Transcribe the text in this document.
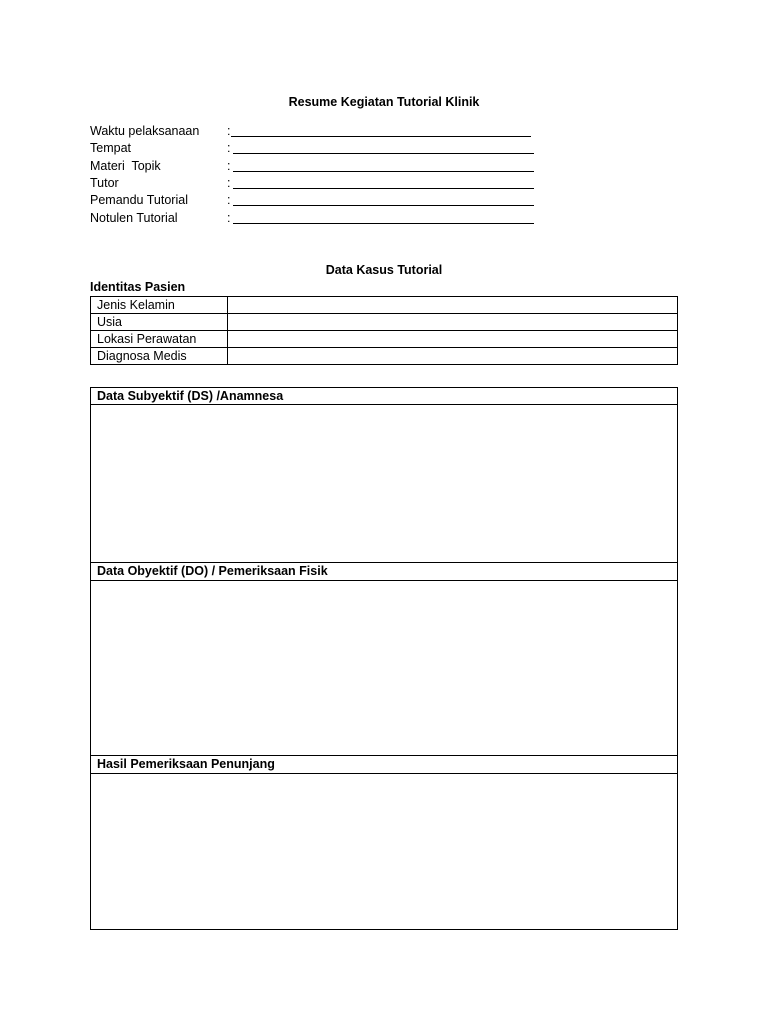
Resume Kegiatan Tutorial Klinik
Waktu pelaksanaan :
Tempat	:
Materi  Topik	:
Tutor	:
Pemandu Tutorial	:
Notulen Tutorial	:
Data Kasus Tutorial
Identitas Pasien
Jenis Kelamin	
Usia	
Lokasi Perawatan	
Diagnosa Medis	
Data Subyektif (DS) /Anamnesa
Data Obyektif (DO) / Pemeriksaan Fisik
Hasil Pemeriksaan Penunjang
